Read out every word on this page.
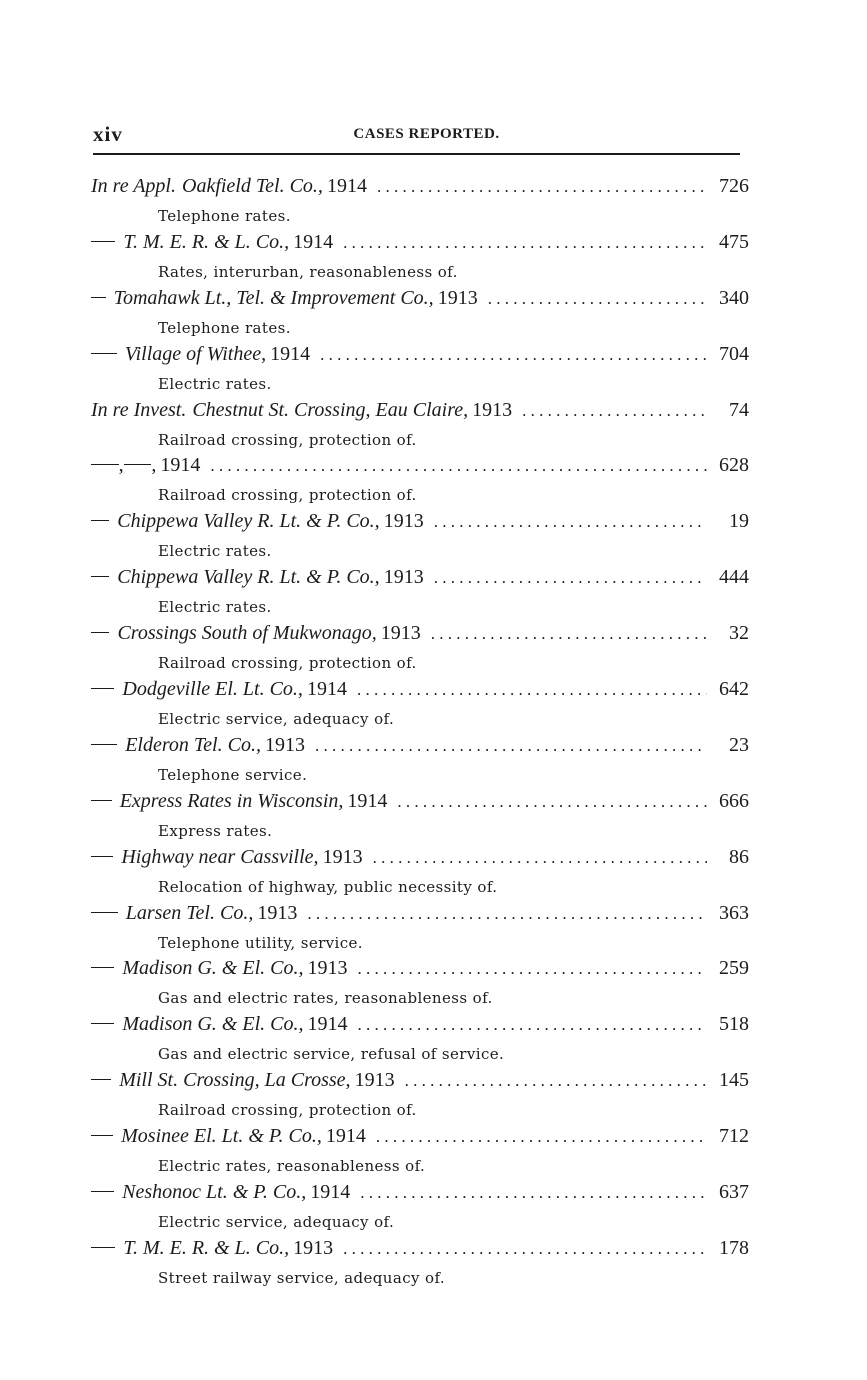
xiv	CASES REPORTED.
In re Appl. Oakfield Tel. Co., 1914 . . .	726
Telephone rates.
T. M. E. R. & L. Co., 1914 . . .	475
Rates, interurban, reasonableness of.
Tomahawk Lt., Tel. & Improvement Co., 1913 . . .	340
Telephone rates.
Village of Withee, 1914 . . .	704
Electric rates.
In re Invest. Chestnut St. Crossing, Eau Claire, 1913 . . .	74
Railroad crossing, protection of.
, , 1914 . . .	628
Railroad crossing, protection of.
Chippewa Valley R. Lt. & P. Co., 1913 . . .	19
Electric rates.
Chippewa Valley R. Lt. & P. Co., 1913 . . .	444
Electric rates.
Crossings South of Mukwonago, 1913 . . .	32
Railroad crossing, protection of.
Dodgeville El. Lt. Co., 1914 . . .	642
Electric service, adequacy of.
Elderon Tel. Co., 1913 . . .	23
Telephone service.
Express Rates in Wisconsin, 1914 . . .	666
Express rates.
Highway near Cassville, 1913 . . .	86
Relocation of highway, public necessity of.
Larsen Tel. Co., 1913 . . .	363
Telephone utility, service.
Madison G. & El. Co., 1913 . . .	259
Gas and electric rates, reasonableness of.
Madison G. & El. Co., 1914 . . .	518
Gas and electric service, refusal of service.
Mill St. Crossing, La Crosse, 1913 . . .	145
Railroad crossing, protection of.
Mosinee El. Lt. & P. Co., 1914 . . .	712
Electric rates, reasonableness of.
Neshonoc Lt. & P. Co., 1914 . . .	637
Electric service, adequacy of.
T. M. E. R. & L. Co., 1913 . . .	178
Street railway service, adequacy of.
